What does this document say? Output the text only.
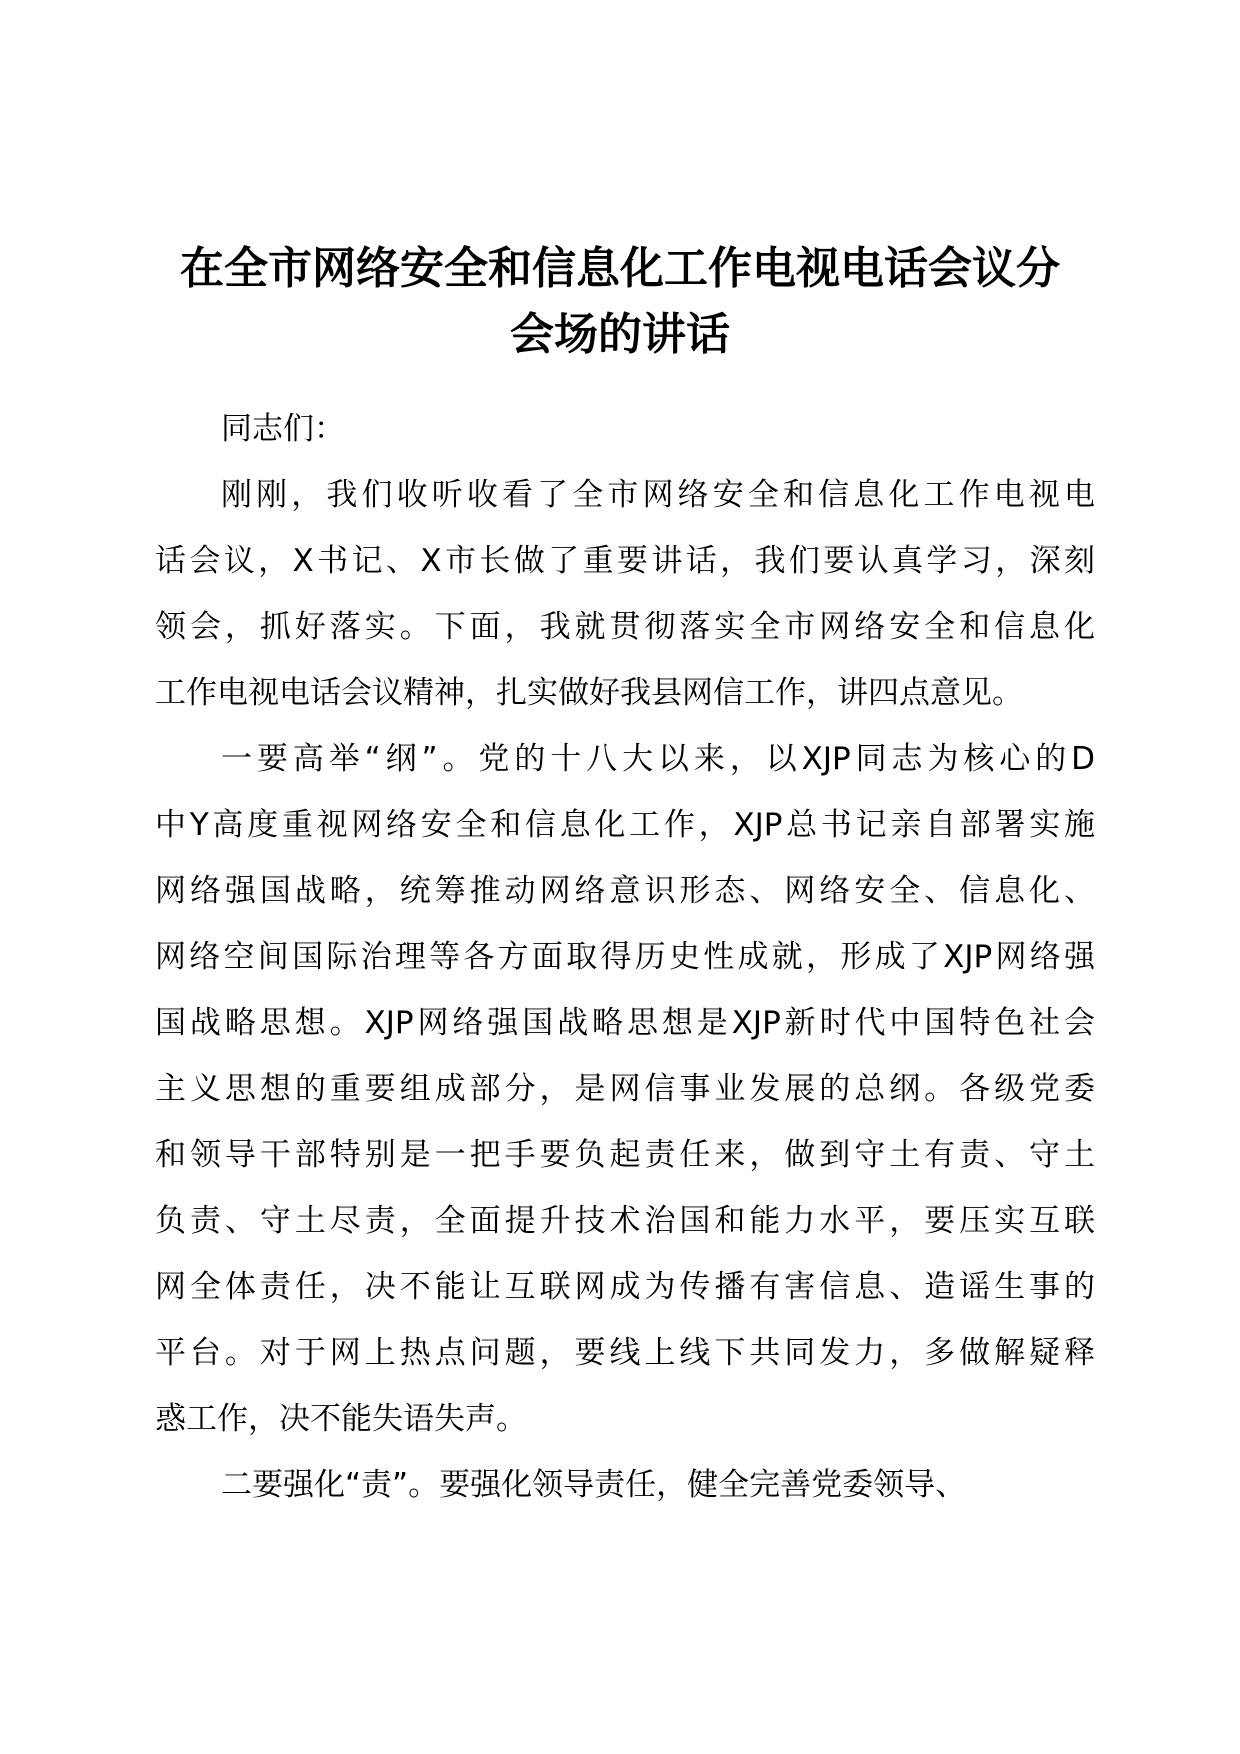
在全市网络安全和信息化工作电视电话会议分
会场的讲话

同志们：

刚刚，我们收听收看了全市网络安全和信息化工作电视电
话会议，X书记、X市长做了重要讲话，我们要认真学习，深刻
领会，抓好落实。下面，我就贯彻落实全市网络安全和信息化
工作电视电话会议精神，扎实做好我县网信工作，讲四点意见。

一要高举“纲”。党的十八大以来，以XJP同志为核心的D
中Y高度重视网络安全和信息化工作，XJP总书记亲自部署实施
网络强国战略，统筹推动网络意识形态、网络安全、信息化、
网络空间国际治理等各方面取得历史性成就，形成了XJP网络强
国战略思想。XJP网络强国战略思想是XJP新时代中国特色社会
主义思想的重要组成部分，是网信事业发展的总纲。各级党委
和领导干部特别是一把手要负起责任来，做到守土有责、守土
负责、守土尽责，全面提升技术治国和能力水平，要压实互联
网全体责任，决不能让互联网成为传播有害信息、造谣生事的
平台。对于网上热点问题，要线上线下共同发力，多做解疑释
惑工作，决不能失语失声。

二要强化“责”。要强化领导责任，健全完善党委领导、
